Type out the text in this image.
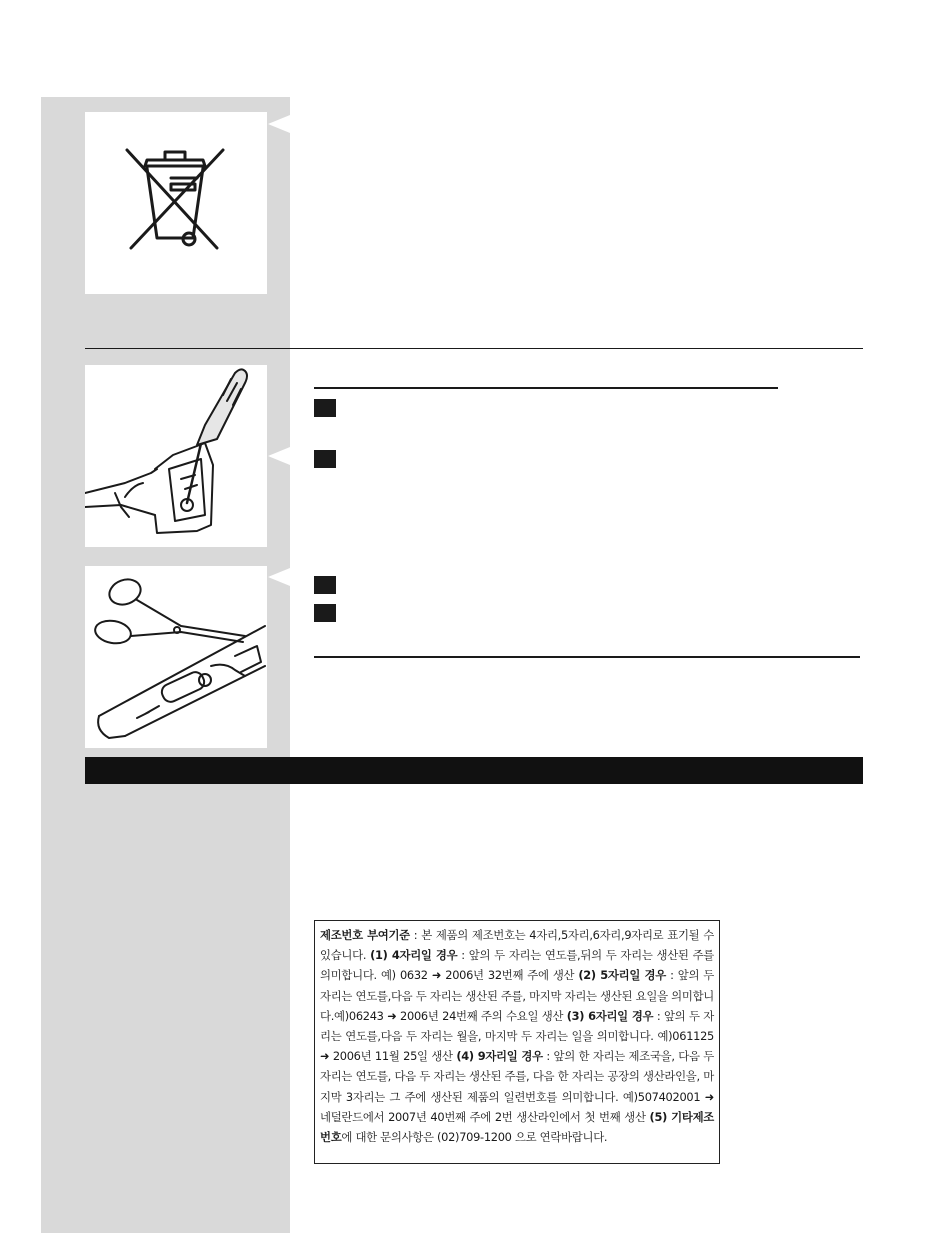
제조번호 부여기준 : 본 제품의 제조번호는 4자리,5자리,6자리,9자리로 표기될 수 있습니다. (1) 4자리일 경우 : 앞의 두 자리는 연도를,뒤의 두 자리는 생산된 주를 의미합니다. 예) 0632 ➜ 2006년 32번째 주에 생산 (2) 5자리일 경우 : 앞의 두 자리는 연도를,다음 두 자리는 생산된 주를, 마지막 자리는 생산된 요일을 의미합니다.예)06243 ➜ 2006년 24번째 주의 수요일 생산 (3) 6자리일 경우 : 앞의 두 자리는 연도를,다음 두 자리는 월을, 마지막 두 자리는 일을 의미합니다. 예)061125 ➜ 2006년 11월 25일 생산 (4) 9자리일 경우 : 앞의 한 자리는 제조국을, 다음 두 자리는 연도를, 다음 두 자리는 생산된 주를, 다음 한 자리는 공장의 생산라인을, 마지막 3자리는 그 주에 생산된 제품의 일련번호를 의미합니다. 예)507402001 ➜ 네덜란드에서 2007년 40번째 주에 2번 생산라인에서 첫 번째 생산 (5) 기타제조번호에 대한 문의사항은 (02)709-1200 으로 연락바랍니다.
